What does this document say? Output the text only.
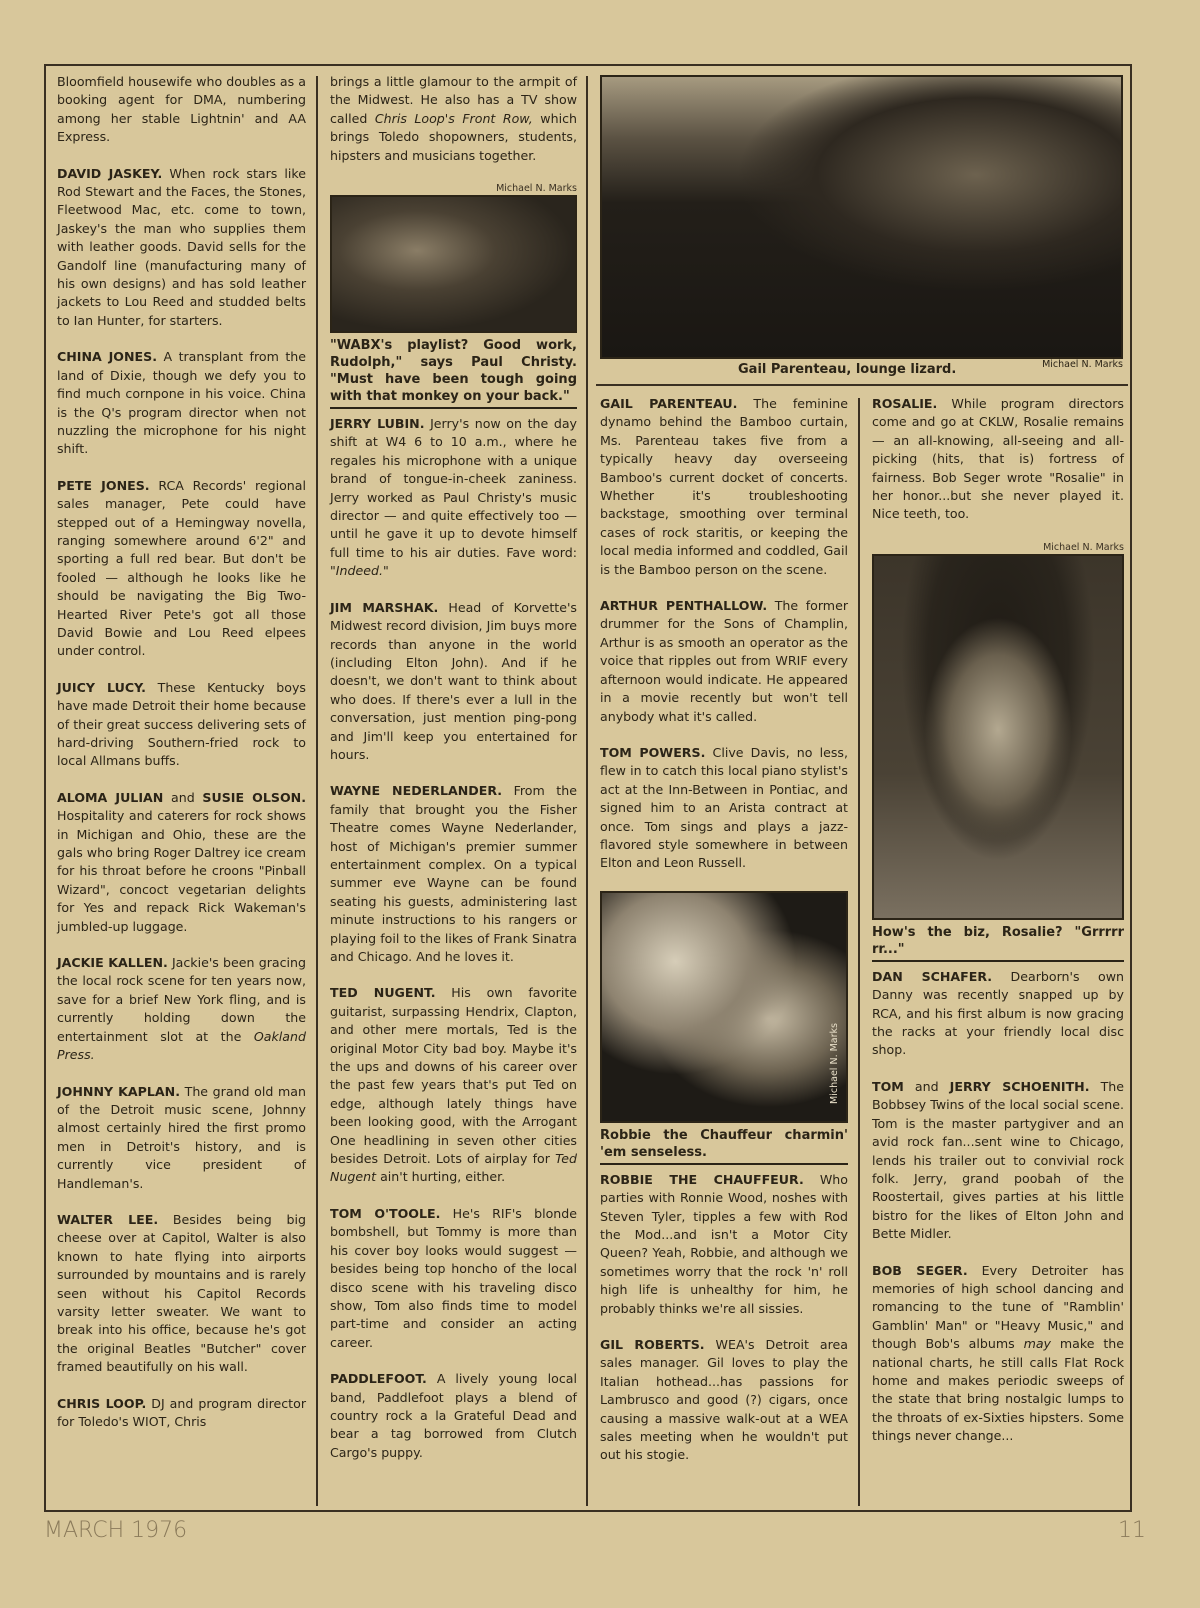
Gail Parenteau, lounge lizard.	Michael N. Marks

Bloomfield housewife who doubles as a booking agent for DMA, numbering among her stable Lightnin' and AA Express.

DAVID JASKEY. When rock stars like Rod Stewart and the Faces, the Stones, Fleetwood Mac, etc. come to town, Jaskey's the man who supplies them with leather goods. David sells for the Gandolf line (manufacturing many of his own designs) and has sold leather jackets to Lou Reed and studded belts to Ian Hunter, for starters.

CHINA JONES. A transplant from the land of Dixie, though we defy you to find much cornpone in his voice. China is the Q's program director when not nuzzling the microphone for his night shift.

PETE JONES. RCA Records' regional sales manager, Pete could have stepped out of a Hemingway novella, ranging somewhere around 6'2" and sporting a full red bear. But don't be fooled — although he looks like he should be navigating the Big Two-Hearted River Pete's got all those David Bowie and Lou Reed elpees under control.

JUICY LUCY. These Kentucky boys have made Detroit their home because of their great success delivering sets of hard-driving Southern-fried rock to local Allmans buffs.

ALOMA JULIAN and SUSIE OLSON. Hospitality and caterers for rock shows in Michigan and Ohio, these are the gals who bring Roger Daltrey ice cream for his throat before he croons "Pinball Wizard", concoct vegetarian delights for Yes and repack Rick Wakeman's jumbled-up luggage.

JACKIE KALLEN. Jackie's been gracing the local rock scene for ten years now, save for a brief New York fling, and is currently holding down the entertainment slot at the Oakland Press.

JOHNNY KAPLAN. The grand old man of the Detroit music scene, Johnny almost certainly hired the first promo men in Detroit's history, and is currently vice president of Handleman's.

WALTER LEE. Besides being big cheese over at Capitol, Walter is also known to hate flying into airports surrounded by mountains and is rarely seen without his Capitol Records varsity letter sweater. We want to break into his office, because he's got the original Beatles "Butcher" cover framed beautifully on his wall.

CHRIS LOOP. DJ and program director for Toledo's WIOT, Chris

brings a little glamour to the armpit of the Midwest. He also has a TV show called Chris Loop's Front Row, which brings Toledo shopowners, students, hipsters and musicians together.

Michael N. Marks
"WABX's playlist? Good work, Rudolph," says Paul Christy. "Must have been tough going with that monkey on your back."

JERRY LUBIN. Jerry's now on the day shift at W4 6 to 10 a.m., where he regales his microphone with a unique brand of tongue-in-cheek zaniness. Jerry worked as Paul Christy's music director — and quite effectively too — until he gave it up to devote himself full time to his air duties. Fave word: "Indeed."

JIM MARSHAK. Head of Korvette's Midwest record division, Jim buys more records than anyone in the world (including Elton John). And if he doesn't, we don't want to think about who does. If there's ever a lull in the conversation, just mention ping-pong and Jim'll keep you entertained for hours.

WAYNE NEDERLANDER. From the family that brought you the Fisher Theatre comes Wayne Nederlander, host of Michigan's premier summer entertainment complex. On a typical summer eve Wayne can be found seating his guests, administering last minute instructions to his rangers or playing foil to the likes of Frank Sinatra and Chicago. And he loves it.

TED NUGENT. His own favorite guitarist, surpassing Hendrix, Clapton, and other mere mortals, Ted is the original Motor City bad boy. Maybe it's the ups and downs of his career over the past few years that's put Ted on edge, although lately things have been looking good, with the Arrogant One headlining in seven other cities besides Detroit. Lots of airplay for Ted Nugent ain't hurting, either.

TOM O'TOOLE. He's RIF's blonde bombshell, but Tommy is more than his cover boy looks would suggest — besides being top honcho of the local disco scene with his traveling disco show, Tom also finds time to model part-time and consider an acting career.

PADDLEFOOT. A lively young local band, Paddlefoot plays a blend of country rock a la Grateful Dead and bear a tag borrowed from Clutch Cargo's puppy.

GAIL PARENTEAU. The feminine dynamo behind the Bamboo curtain, Ms. Parenteau takes five from a typically heavy day overseeing Bamboo's current docket of concerts. Whether it's troubleshooting backstage, smoothing over terminal cases of rock staritis, or keeping the local media informed and coddled, Gail is the Bamboo person on the scene.

ARTHUR PENTHALLOW. The former drummer for the Sons of Champlin, Arthur is as smooth an operator as the voice that ripples out from WRIF every afternoon would indicate. He appeared in a movie recently but won't tell anybody what it's called.

TOM POWERS. Clive Davis, no less, flew in to catch this local piano stylist's act at the Inn-Between in Pontiac, and signed him to an Arista contract at once. Tom sings and plays a jazz-flavored style somewhere in between Elton and Leon Russell.

Michael N. Marks
Robbie the Chauffeur charmin' 'em senseless.

ROBBIE THE CHAUFFEUR. Who parties with Ronnie Wood, noshes with Steven Tyler, tipples a few with Rod the Mod...and isn't a Motor City Queen? Yeah, Robbie, and although we sometimes worry that the rock 'n' roll high life is unhealthy for him, he probably thinks we're all sissies.

GIL ROBERTS. WEA's Detroit area sales manager. Gil loves to play the Italian hothead...has passions for Lambrusco and good (?) cigars, once causing a massive walk-out at a WEA sales meeting when he wouldn't put out his stogie.

ROSALIE. While program directors come and go at CKLW, Rosalie remains — an all-knowing, all-seeing and all-picking (hits, that is) fortress of fairness. Bob Seger wrote "Rosalie" in her honor...but she never played it. Nice teeth, too.

Michael N. Marks
How's the biz, Rosalie? "Grrrrr rr..."

DAN SCHAFER. Dearborn's own Danny was recently snapped up by RCA, and his first album is now gracing the racks at your friendly local disc shop.

TOM and JERRY SCHOENITH. The Bobbsey Twins of the local social scene. Tom is the master partygiver and an avid rock fan...sent wine to Chicago, lends his trailer out to convivial rock folk. Jerry, grand poobah of the Roostertail, gives parties at his little bistro for the likes of Elton John and Bette Midler.

BOB SEGER. Every Detroiter has memories of high school dancing and romancing to the tune of "Ramblin' Gamblin' Man" or "Heavy Music," and though Bob's albums may make the national charts, he still calls Flat Rock home and makes periodic sweeps of the state that bring nostalgic lumps to the throats of ex-Sixties hipsters. Some things never change...

MARCH 1976	11
